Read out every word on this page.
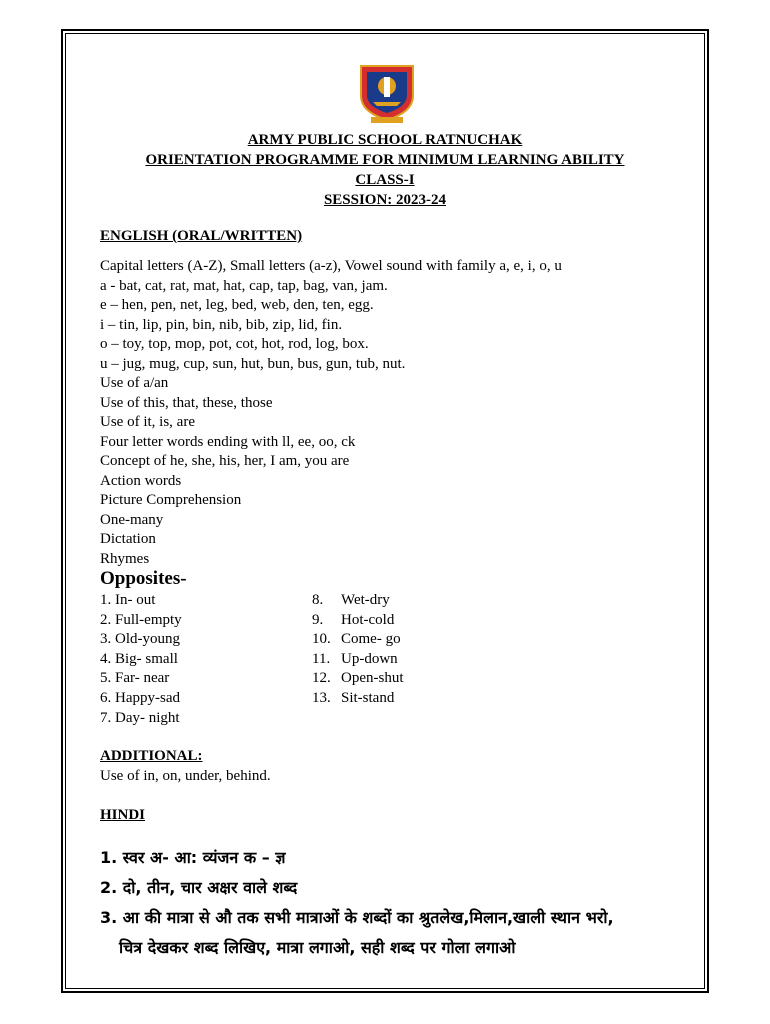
ARMY PUBLIC SCHOOL RATNUCHAK
ORIENTATION PROGRAMME FOR MINIMUM LEARNING ABILITY
CLASS-I
SESSION: 2023-24
ENGLISH (ORAL/WRITTEN)
Capital letters (A-Z), Small letters (a-z), Vowel sound with family a, e, i, o, u
a - bat, cat, rat, mat, hat, cap, tap, bag, van, jam.
e – hen, pen, net, leg, bed, web, den, ten, egg.
i – tin, lip, pin, bin, nib, bib, zip, lid, fin.
o – toy, top, mop, pot, cot, hot, rod, log, box.
u – jug, mug, cup, sun, hut, bun, bus, gun, tub, nut.
Use of a/an
Use of this, that, these, those
Use of it, is, are
Four letter words ending with ll, ee, oo, ck
Concept of he, she, his, her, I am, you are
Action words
Picture Comprehension
One-many
Dictation
Rhymes
Opposites-
1. In- out
2. Full-empty
3. Old-young
4. Big- small
5. Far- near
6. Happy-sad
7. Day- night
8. Wet-dry
9. Hot-cold
10. Come- go
11. Up-down
12. Open-shut
13. Sit-stand
ADDITIONAL:
Use of in, on, under, behind.
HINDI
1. स्वर अ- आ: व्यंजन क – ज्ञ
2. दो, तीन, चार अक्षर वाले शब्द
3. आ की मात्रा से औ तक सभी मात्राओं के शब्दों का श्रुतलेख,मिलान,खाली स्थान भरो,
चित्र देखकर शब्द लिखिए, मात्रा लगाओ, सही शब्द पर गोला लगाओ
